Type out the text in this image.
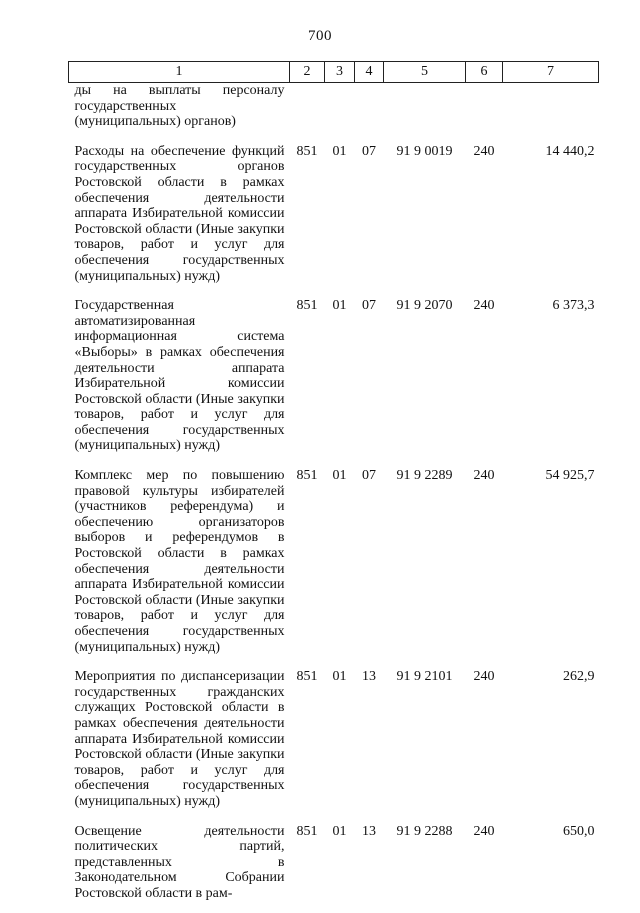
700
1	2	3	4	5	6	7
ды на выплаты персоналу государственных (муниципальных) органов)						
Расходы на обеспечение функций государственных органов Ростовской области в рамках обеспечения деятельности аппарата Избирательной комиссии Ростовской области (Иные закупки товаров, работ и услуг для обеспечения государственных (муниципальных) нужд)	851	01	07	91 9 0019	240	14 440,2
Государственная автоматизированная информационная система «Выборы» в рамках обеспечения деятельности аппарата Избирательной комиссии Ростовской области (Иные закупки товаров, работ и услуг для обеспечения государственных (муниципальных) нужд)	851	01	07	91 9 2070	240	6 373,3
Комплекс мер по повышению правовой культуры избирателей (участников референдума) и обеспечению организаторов выборов и референдумов в Ростовской области в рамках обеспечения деятельности аппарата Избирательной комиссии Ростовской области (Иные закупки товаров, работ и услуг для обеспечения государственных (муниципальных) нужд)	851	01	07	91 9 2289	240	54 925,7
Мероприятия по диспансеризации государственных гражданских служащих Ростовской области в рамках обеспечения деятельности аппарата Избирательной комиссии Ростовской области (Иные закупки товаров, работ и услуг для обеспечения государственных (муниципальных) нужд)	851	01	13	91 9 2101	240	262,9
Освещение деятельности политических партий, представленных в Законодательном Собрании Ростовской области в рам-	851	01	13	91 9 2288	240	650,0
